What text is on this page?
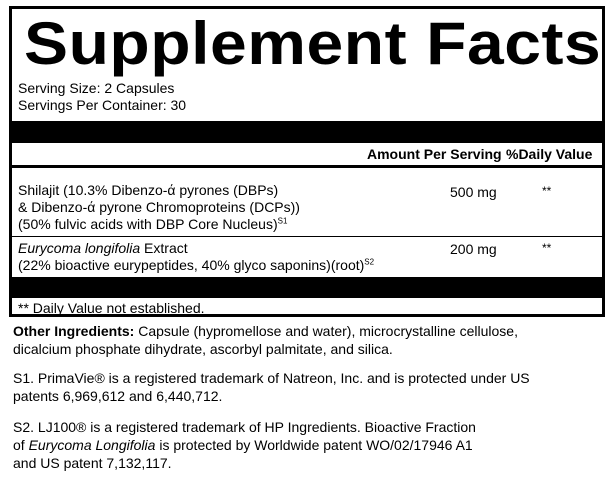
Supplement Facts
Serving Size: 2 Capsules
Servings Per Container: 30
Amount Per Serving %Daily Value
Shilajit (10.3% Dibenzo-ά pyrones (DBPs)
& Dibenzo-ά pyrone Chromoproteins (DCPs))
(50% fulvic acids with DBP Core Nucleus)$^{S1}$
500 mg	**
Eurycoma longifolia Extract
(22% bioactive eurypeptides, 40% glyco saponins)(root)$^{S2}$
200 mg	**
** Daily Value not established.
Other Ingredients: Capsule (hypromellose and water), microcrystalline cellulose,
dicalcium phosphate dihydrate, ascorbyl palmitate, and silica.
S1. PrimaVie® is a registered trademark of Natreon, Inc. and is protected under US
patents 6,969,612 and 6,440,712.
S2. LJ100® is a registered trademark of HP Ingredients. Bioactive Fraction
of Eurycoma Longifolia is protected by Worldwide patent WO/02/17946 A1
and US patent 7,132,117.
